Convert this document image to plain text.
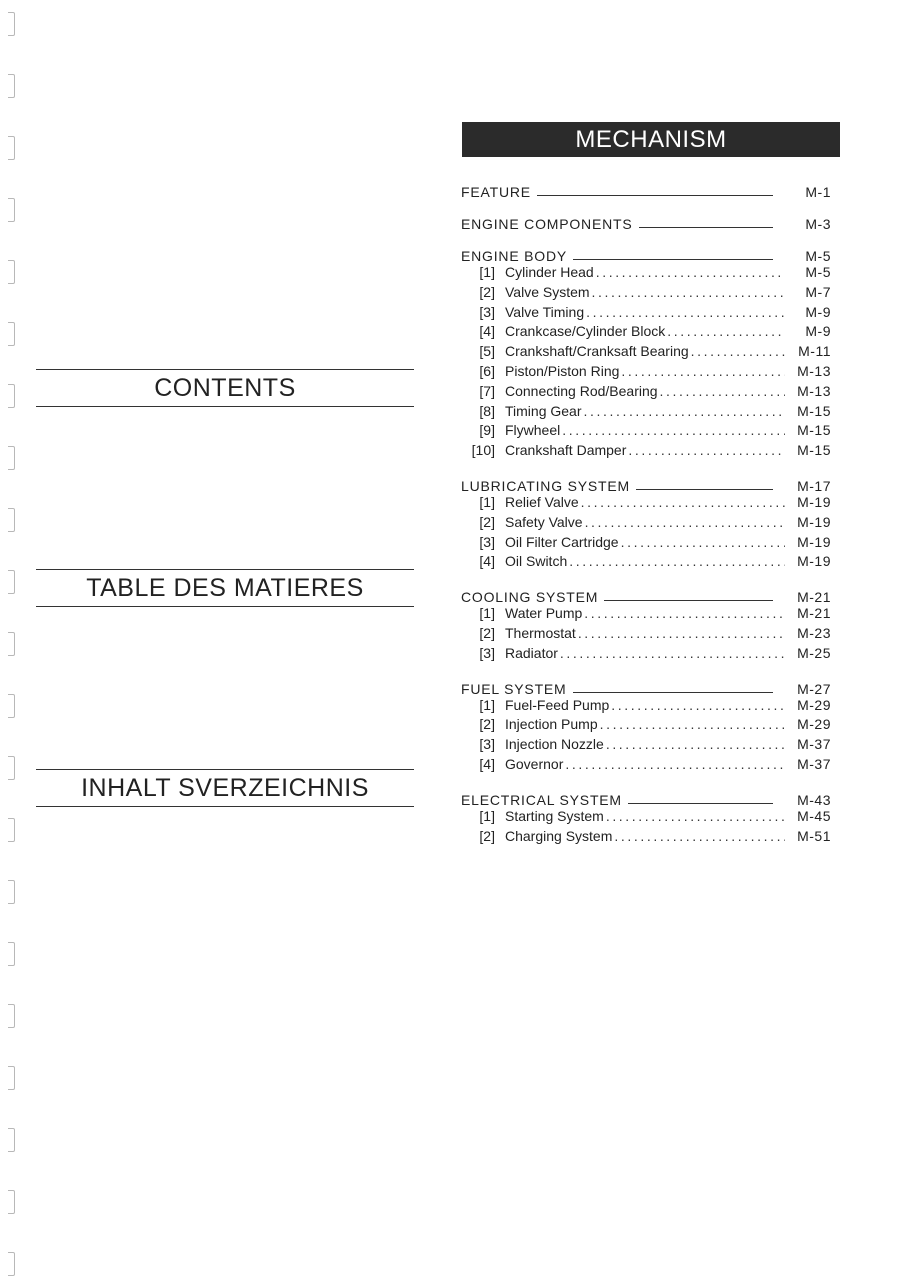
CONTENTS
TABLE DES MATIERES
INHALT SVERZEICHNIS
MECHANISM
FEATURE	M-1
ENGINE COMPONENTS	M-3
ENGINE BODY	M-5
[1] Cylinder Head .....	M-5
[2] Valve System .....	M-7
[3] Valve Timing .....	M-9
[4] Crankcase/Cylinder Block .....	M-9
[5] Crankshaft/Cranksaft Bearing .....	M-11
[6] Piston/Piston Ring .....	M-13
[7] Connecting Rod/Bearing .....	M-13
[8] Timing Gear .....	M-15
[9] Flywheel .....	M-15
[10] Crankshaft Damper .....	M-15
LUBRICATING SYSTEM	M-17
[1] Relief Valve .....	M-19
[2] Safety Valve .....	M-19
[3] Oil Filter Cartridge .....	M-19
[4] Oil Switch .....	M-19
COOLING SYSTEM	M-21
[1] Water Pump .....	M-21
[2] Thermostat .....	M-23
[3] Radiator .....	M-25
FUEL SYSTEM	M-27
[1] Fuel-Feed Pump .....	M-29
[2] Injection Pump .....	M-29
[3] Injection Nozzle .....	M-37
[4] Governor .....	M-37
ELECTRICAL SYSTEM	M-43
[1] Starting System .....	M-45
[2] Charging System .....	M-51
